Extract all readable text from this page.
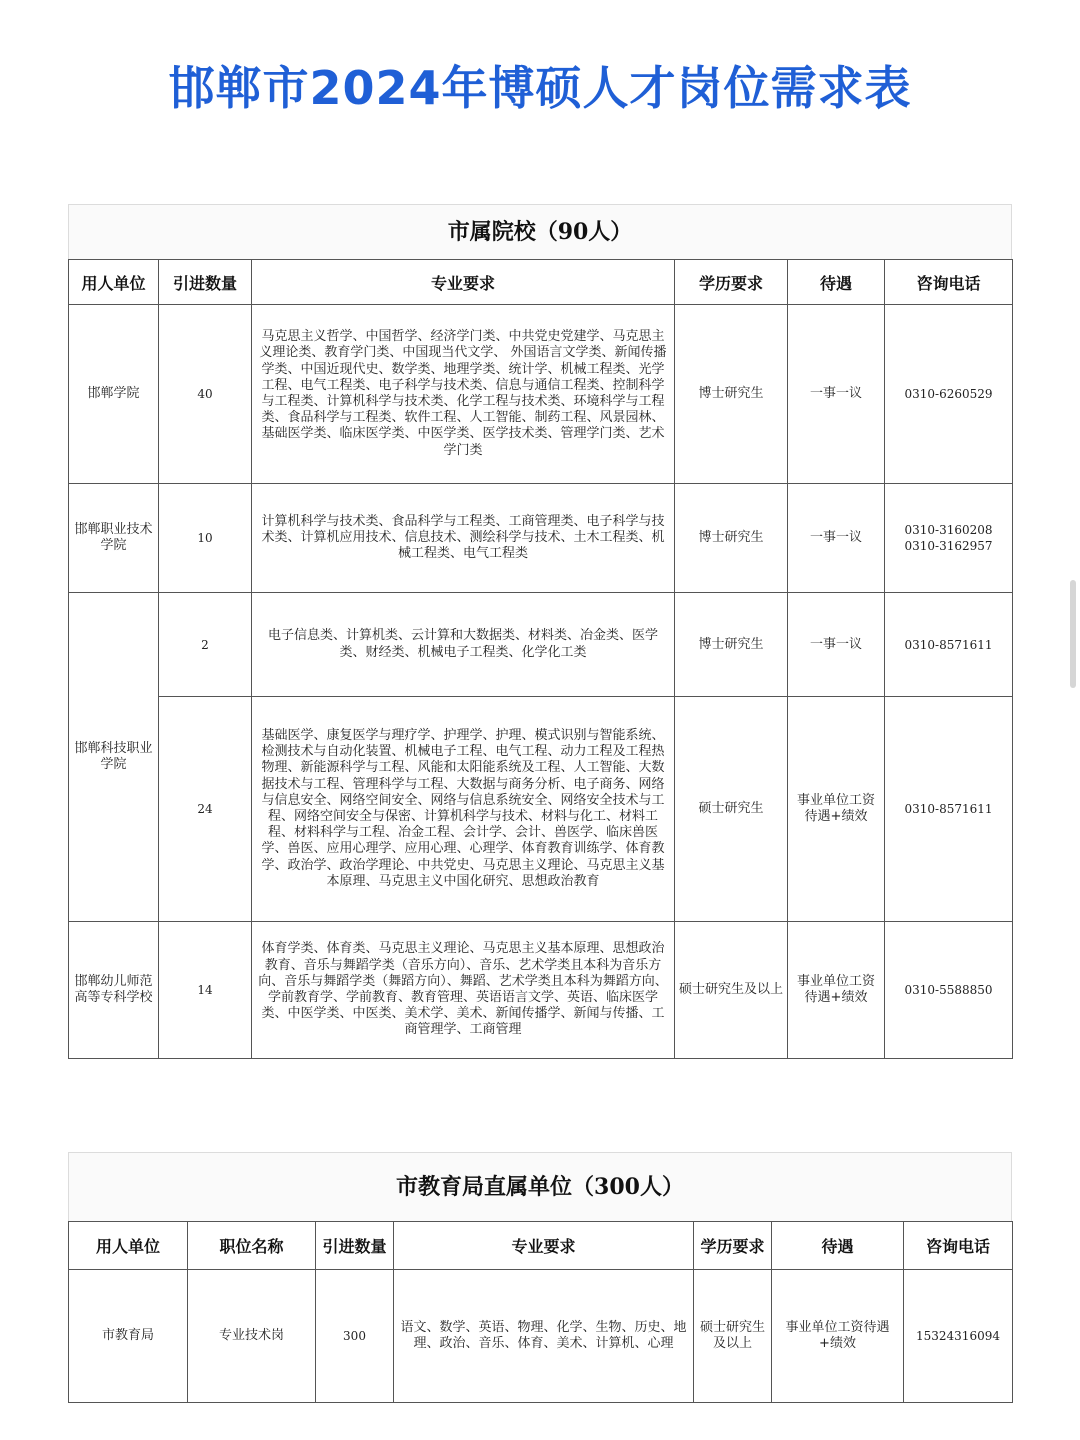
邯郸市2024年博硕人才岗位需求表
市属院校（90人）
用人单位	引进数量	专业要求	学历要求	待遇	咨询电话
邯郸学院	40	马克思主义哲学、中国哲学、经济学门类、中共党史党建学、马克思主义理论类、教育学门类、中国现当代文学、 外国语言文学类、新闻传播学类、中国近现代史、数学类、地理学类、统计学、机械工程类、光学工程、电气工程类、电子科学与技术类、信息与通信工程类、控制科学与工程类、计算机科学与技术类、化学工程与技术类、环境科学与工程类、食品科学与工程类、软件工程、人工智能、制药工程、风景园林、基础医学类、临床医学类、中医学类、医学技术类、管理学门类、艺术学门类	博士研究生	一事一议	0310-6260529
邯郸职业技术学院	10	计算机科学与技术类、食品科学与工程类、工商管理类、电子科学与技术类、计算机应用技术、信息技术、测绘科学与技术、土木工程类、机械工程类、电气工程类	博士研究生	一事一议	0310-3160208 0310-3162957
邯郸科技职业学院	2	电子信息类、计算机类、云计算和大数据类、材料类、冶金类、医学类、财经类、机械电子工程类、化学化工类	博士研究生	一事一议	0310-8571611
	24	基础医学、康复医学与理疗学、护理学、护理、模式识别与智能系统、检测技术与自动化装置、机械电子工程、电气工程、动力工程及工程热物理、新能源科学与工程、风能和太阳能系统及工程、人工智能、大数据技术与工程、管理科学与工程、大数据与商务分析、电子商务、网络与信息安全、网络空间安全、网络与信息系统安全、网络安全技术与工程、网络空间安全与保密、计算机科学与技术、材料与化工、材料工程、材料科学与工程、冶金工程、会计学、会计、兽医学、临床兽医学、兽医、应用心理学、应用心理、心理学、体育教育训练学、体育教学、政治学、政治学理论、中共党史、马克思主义理论、马克思主义基本原理、马克思主义中国化研究、思想政治教育	硕士研究生	事业单位工资待遇+绩效	0310-8571611
邯郸幼儿师范高等专科学校	14	体育学类、体育类、马克思主义理论、马克思主义基本原理、思想政治教育、音乐与舞蹈学类（音乐方向）、音乐、艺术学类且本科为音乐方向、音乐与舞蹈学类（舞蹈方向）、舞蹈、艺术学类且本科为舞蹈方向、学前教育学、学前教育、教育管理、英语语言文学、英语、临床医学类、中医学类、中医类、美术学、美术、新闻传播学、新闻与传播、工商管理学、工商管理	硕士研究生及以上	事业单位工资待遇+绩效	0310-5588850
市教育局直属单位（300人）
用人单位	职位名称	引进数量	专业要求	学历要求	待遇	咨询电话
市教育局	专业技术岗	300	语文、数学、英语、物理、化学、生物、历史、地理、政治、音乐、体育、美术、计算机、心理	硕士研究生及以上	事业单位工资待遇+绩效	15324316094
